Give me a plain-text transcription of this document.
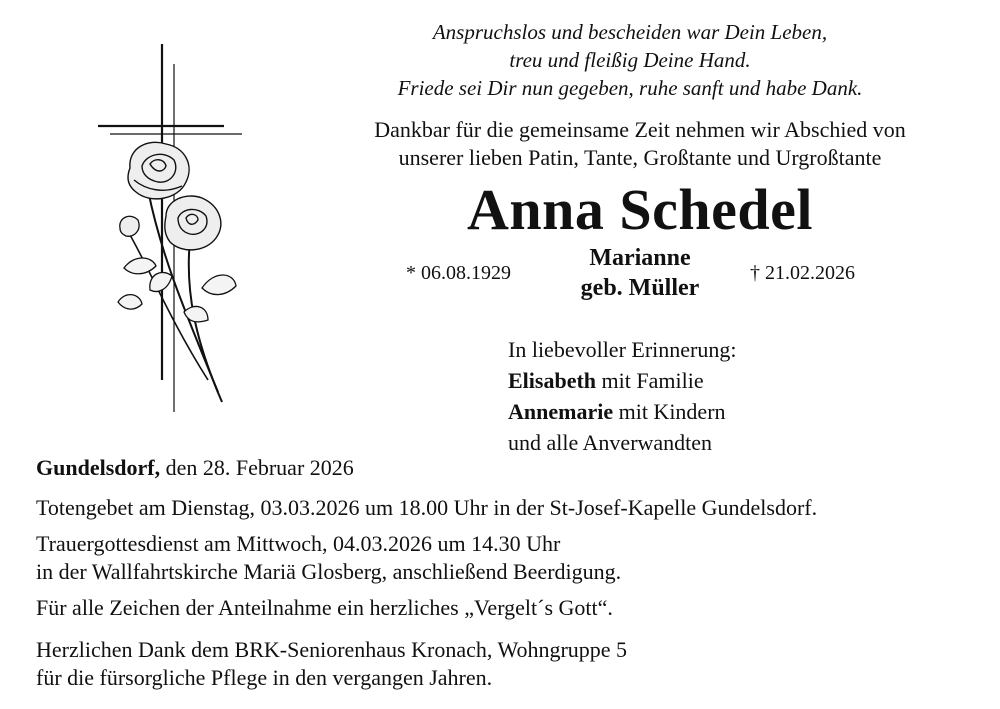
Anspruchslos und bescheiden war Dein Leben,
treu und fleißig Deine Hand.
Friede sei Dir nun gegeben, ruhe sanft und habe Dank.
Dankbar für die gemeinsame Zeit nehmen wir Abschied von
unserer lieben Patin, Tante, Großtante und Urgroßtante
Anna Schedel
* 06.08.1929
Marianne
geb. Müller
† 21.02.2026
In liebevoller Erinnerung:
Elisabeth mit Familie
Annemarie mit Kindern
und alle Anverwandten
Gundelsdorf, den 28. Februar 2026
Totengebet am Dienstag, 03.03.2026 um 18.00 Uhr in der St-Josef-Kapelle Gundelsdorf.
Trauergottesdienst am Mittwoch, 04.03.2026 um 14.30 Uhr
in der Wallfahrtskirche Mariä Glosberg, anschließend Beerdigung.
Für alle Zeichen der Anteilnahme ein herzliches „Vergelt´s Gott“.
Herzlichen Dank dem BRK-Seniorenhaus Kronach, Wohngruppe 5
für die fürsorgliche Pflege in den vergangen Jahren.
